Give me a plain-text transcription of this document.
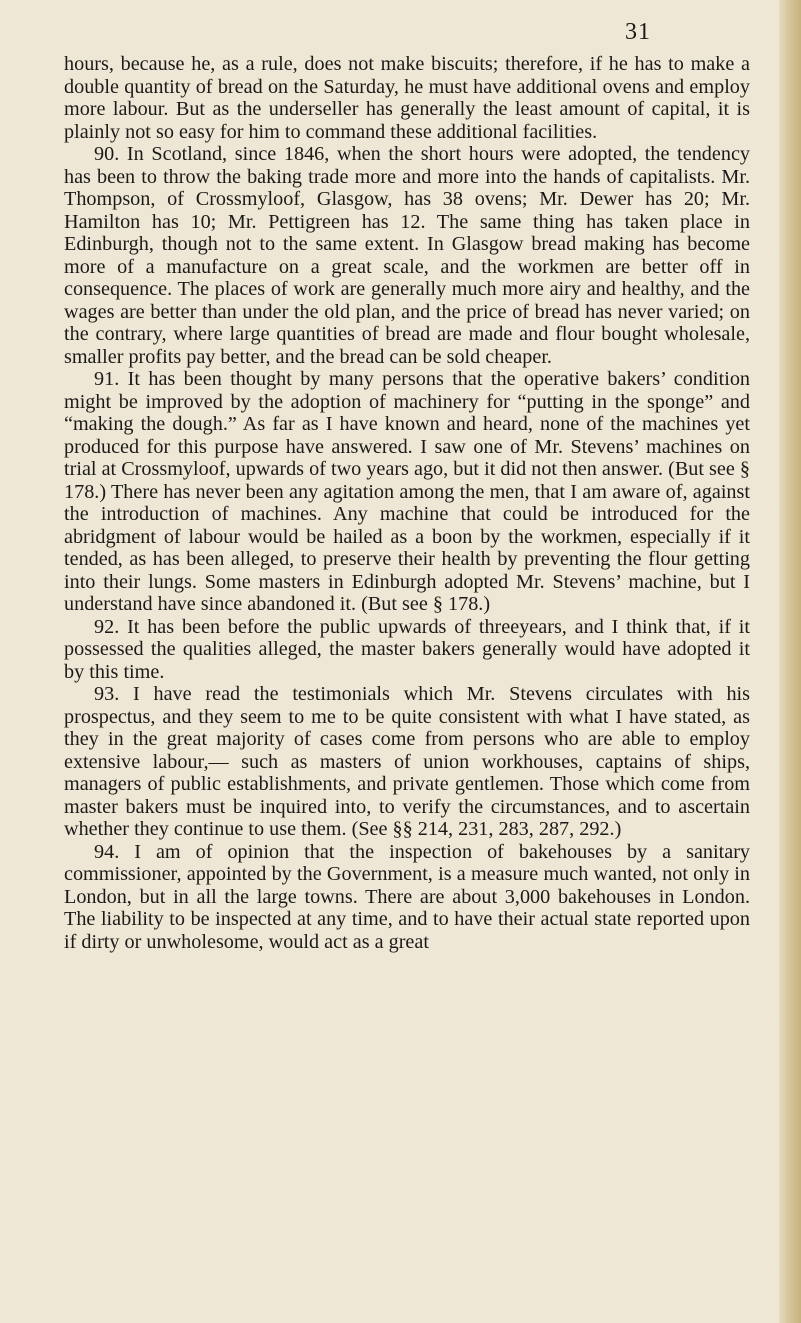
31

hours, because he, as a rule, does not make biscuits; therefore, if he has to make a double quantity of bread on the Saturday, he must have additional ovens and employ more labour. But as the underseller has generally the least amount of capital, it is plainly not so easy for him to command these additional facilities.

90. In Scotland, since 1846, when the short hours were adopted, the tendency has been to throw the baking trade more and more into the hands of capitalists. Mr. Thompson, of Crossmyloof, Glasgow, has 38 ovens; Mr. Dewer has 20; Mr. Hamilton has 10; Mr. Pettigreen has 12. The same thing has taken place in Edinburgh, though not to the same extent. In Glasgow bread making has become more of a manufacture on a great scale, and the workmen are better off in consequence. The places of work are generally much more airy and healthy, and the wages are better than under the old plan, and the price of bread has never varied; on the contrary, where large quantities of bread are made and flour bought wholesale, smaller profits pay better, and the bread can be sold cheaper.

91. It has been thought by many persons that the operative bakers’ condition might be improved by the adoption of machinery for “putting in the sponge” and “making the dough.” As far as I have known and heard, none of the machines yet produced for this purpose have answered. I saw one of Mr. Stevens’ machines on trial at Crossmyloof, upwards of two years ago, but it did not then answer. (But see § 178.) There has never been any agitation among the men, that I am aware of, against the introduction of machines. Any machine that could be introduced for the abridgment of labour would be hailed as a boon by the workmen, especially if it tended, as has been alleged, to preserve their health by preventing the flour getting into their lungs. Some masters in Edinburgh adopted Mr. Stevens’ machine, but I understand have since abandoned it. (But see § 178.)

92. It has been before the public upwards of threeyears, and I think that, if it possessed the qualities alleged, the master bakers generally would have adopted it by this time.

93. I have read the testimonials which Mr. Stevens circulates with his prospectus, and they seem to me to be quite consistent with what I have stated, as they in the great majority of cases come from persons who are able to employ extensive labour,— such as masters of union workhouses, captains of ships, managers of public establishments, and private gentlemen. Those which come from master bakers must be inquired into, to verify the circumstances, and to ascertain whether they continue to use them. (See §§ 214, 231, 283, 287, 292.)

94. I am of opinion that the inspection of bakehouses by a sanitary commissioner, appointed by the Government, is a measure much wanted, not only in London, but in all the large towns. There are about 3,000 bakehouses in London. The liability to be inspected at any time, and to have their actual state reported upon if dirty or unwholesome, would act as a great
